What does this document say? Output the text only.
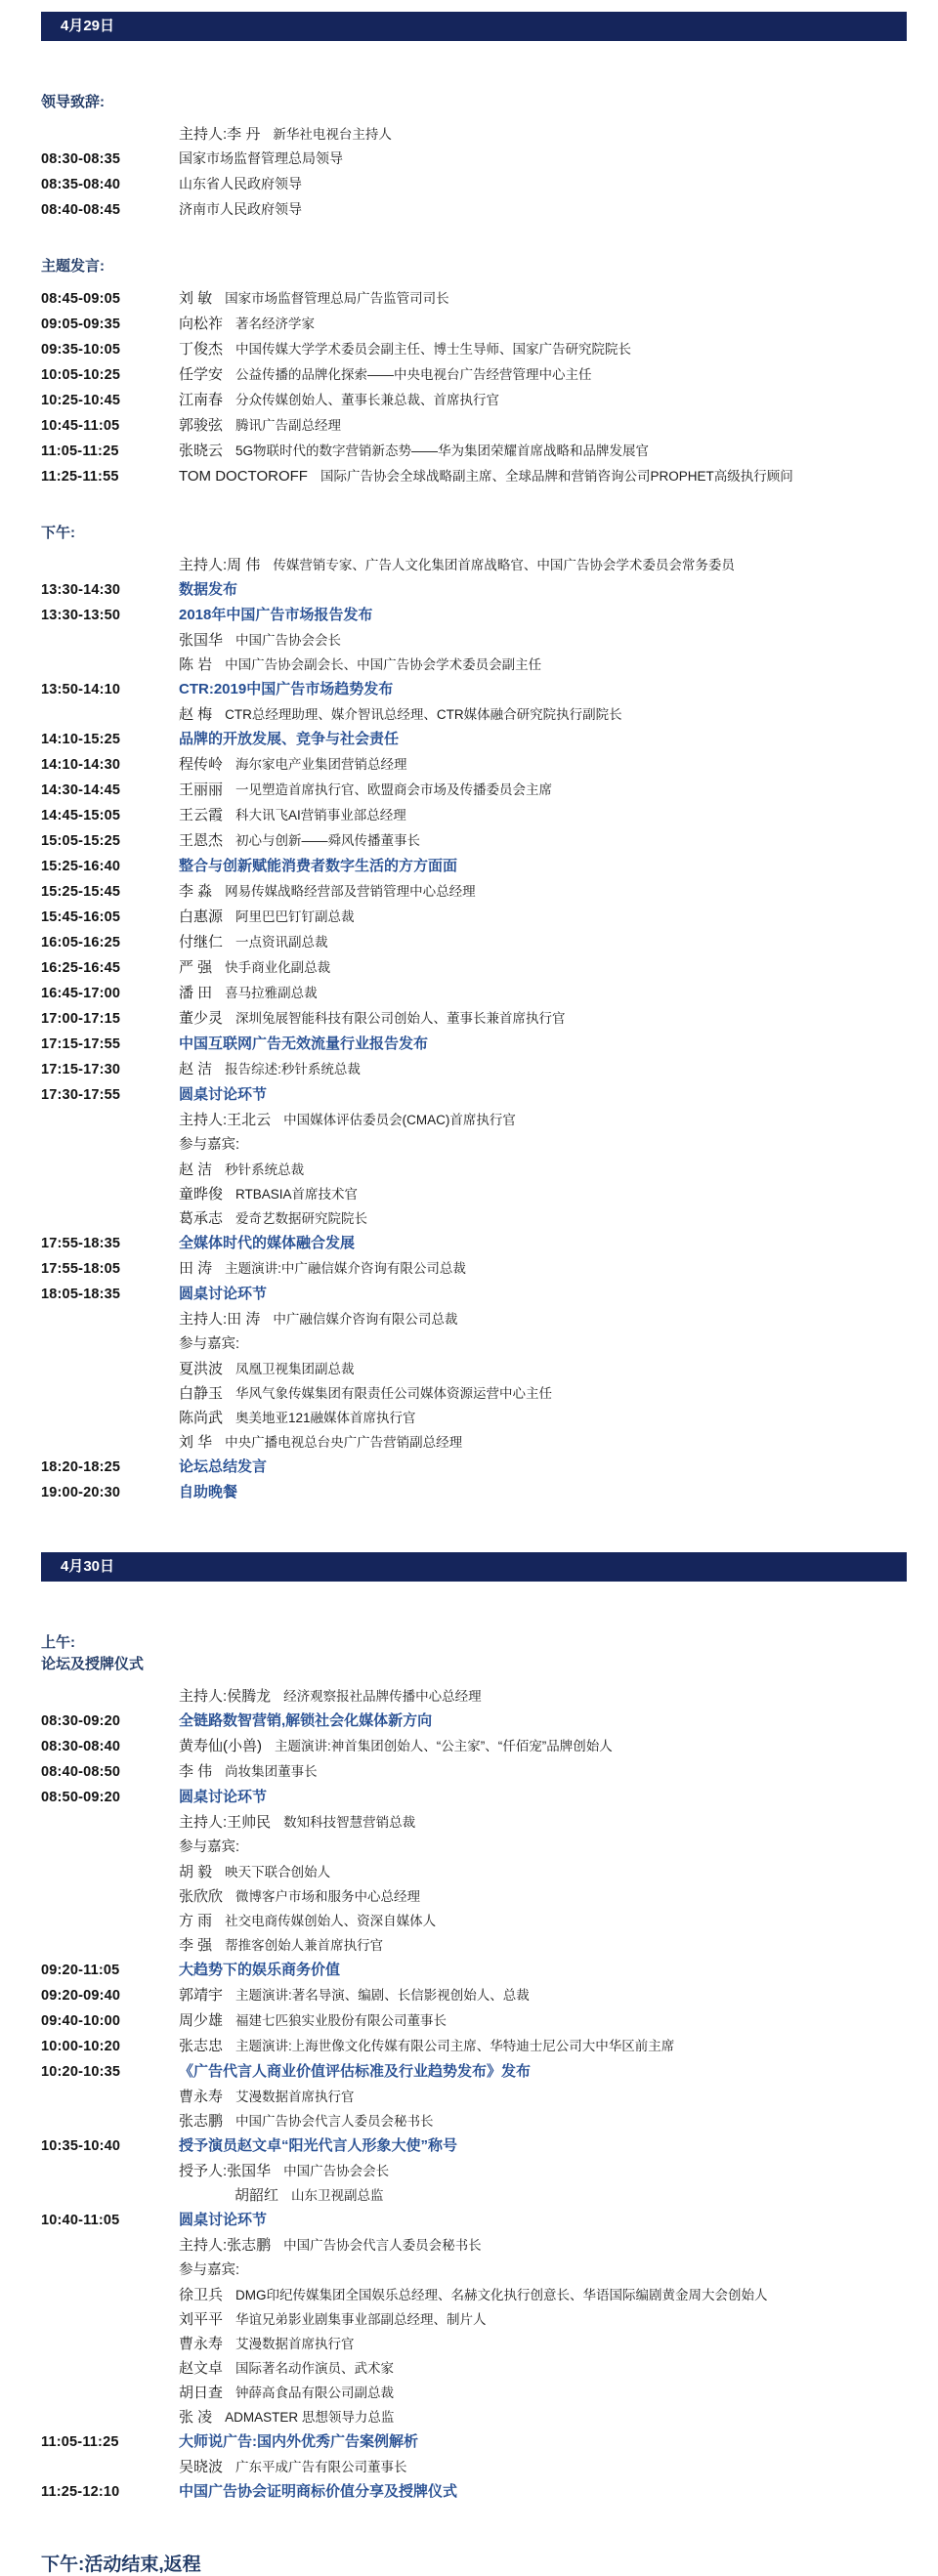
4月29日
领导致辞:
主持人:李 丹 新华社电视台主持人
08:30-08:35	国家市场监督管理总局领导
08:35-08:40	山东省人民政府领导
08:40-08:45	济南市人民政府领导
主题发言:
08:45-09:05	刘 敏 国家市场监督管理总局广告监管司司长
09:05-09:35	向松祚 著名经济学家
09:35-10:05	丁俊杰 中国传媒大学学术委员会副主任、博士生导师、国家广告研究院院长
10:05-10:25	任学安 公益传播的品牌化探索——中央电视台广告经营管理中心主任
10:25-10:45	江南春 分众传媒创始人、董事长兼总裁、首席执行官
10:45-11:05	郭骏弦 腾讯广告副总经理
11:05-11:25	张晓云 5G物联时代的数字营销新态势——华为集团荣耀首席战略和品牌发展官
11:25-11:55	TOM DOCTOROFF 国际广告协会全球战略副主席、全球品牌和营销咨询公司PROPHET高级执行顾问
下午:
主持人:周 伟 传媒营销专家、广告人文化集团首席战略官、中国广告协会学术委员会常务委员
13:30-14:30	数据发布
13:30-13:50	2018年中国广告市场报告发布
张国华 中国广告协会会长
陈 岩 中国广告协会副会长、中国广告协会学术委员会副主任
13:50-14:10	CTR:2019中国广告市场趋势发布
赵 梅 CTR总经理助理、媒介智讯总经理、CTR媒体融合研究院执行副院长
14:10-15:25	品牌的开放发展、竞争与社会责任
14:10-14:30	程传岭 海尔家电产业集团营销总经理
14:30-14:45	王丽丽 一见塑造首席执行官、欧盟商会市场及传播委员会主席
14:45-15:05	王云霞 科大讯飞AI营销事业部总经理
15:05-15:25	王恩杰 初心与创新——舜风传播董事长
15:25-16:40	整合与创新赋能消费者数字生活的方方面面
15:25-15:45	李 淼 网易传媒战略经营部及营销管理中心总经理
15:45-16:05	白惠源 阿里巴巴钉钉副总裁
16:05-16:25	付继仁 一点资讯副总裁
16:25-16:45	严 强 快手商业化副总裁
16:45-17:00	潘 田 喜马拉雅副总裁
17:00-17:15	董少灵 深圳兔展智能科技有限公司创始人、董事长兼首席执行官
17:15-17:55	中国互联网广告无效流量行业报告发布
17:15-17:30	赵 洁 报告综述:秒针系统总裁
17:30-17:55	圆桌讨论环节
主持人:王北云 中国媒体评估委员会(CMAC)首席执行官
参与嘉宾:
赵 洁 秒针系统总裁
童晔俊 RTBASIA首席技术官
葛承志 爱奇艺数据研究院院长
17:55-18:35	全媒体时代的媒体融合发展
17:55-18:05	田 涛 主题演讲:中广融信媒介咨询有限公司总裁
18:05-18:35	圆桌讨论环节
主持人:田 涛 中广融信媒介咨询有限公司总裁
参与嘉宾:
夏洪波 凤凰卫视集团副总裁
白静玉 华风气象传媒集团有限责任公司媒体资源运营中心主任
陈尚武 奥美地亚121融媒体首席执行官
刘 华 中央广播电视总台央广广告营销副总经理
18:20-18:25	论坛总结发言
19:00-20:30	自助晚餐
4月30日
上午:
论坛及授牌仪式
主持人:侯腾龙 经济观察报社品牌传播中心总经理
08:30-09:20	全链路数智营销,解锁社会化媒体新方向
08:30-08:40	黄寿仙(小兽) 主题演讲:神首集团创始人、“公主家”、“仟佰宠”品牌创始人
08:40-08:50	李 伟 尚妆集团董事长
08:50-09:20	圆桌讨论环节
主持人:王帅民 数知科技智慧营销总裁
参与嘉宾:
胡 毅 映天下联合创始人
张欣欣 微博客户市场和服务中心总经理
方 雨 社交电商传媒创始人、资深自媒体人
李 强 帮推客创始人兼首席执行官
09:20-11:05	大趋势下的娱乐商务价值
09:20-09:40	郭靖宇 主题演讲:著名导演、编剧、长信影视创始人、总裁
09:40-10:00	周少雄 福建七匹狼实业股份有限公司董事长
10:00-10:20	张志忠 主题演讲:上海世像文化传媒有限公司主席、华特迪士尼公司大中华区前主席
10:20-10:35	《广告代言人商业价值评估标准及行业趋势发布》发布
曹永寿 艾漫数据首席执行官
张志鹏 中国广告协会代言人委员会秘书长
10:35-10:40	授予演员赵文卓“阳光代言人形象大使”称号
授予人:张国华 中国广告协会会长
胡韶红 山东卫视副总监
10:40-11:05	圆桌讨论环节
主持人:张志鹏 中国广告协会代言人委员会秘书长
参与嘉宾:
徐卫兵 DMG印纪传媒集团全国娱乐总经理、名赫文化执行创意长、华语国际编剧黄金周大会创始人
刘平平 华谊兄弟影业剧集事业部副总经理、制片人
曹永寿 艾漫数据首席执行官
赵文卓 国际著名动作演员、武术家
胡日查 钟薛高食品有限公司副总裁
张 凌 ADMASTER 思想领导力总监
11:05-11:25	大师说广告:国内外优秀广告案例解析
吴晓波 广东平成广告有限公司董事长
11:25-12:10	中国广告协会证明商标价值分享及授牌仪式
下午:活动结束,返程
